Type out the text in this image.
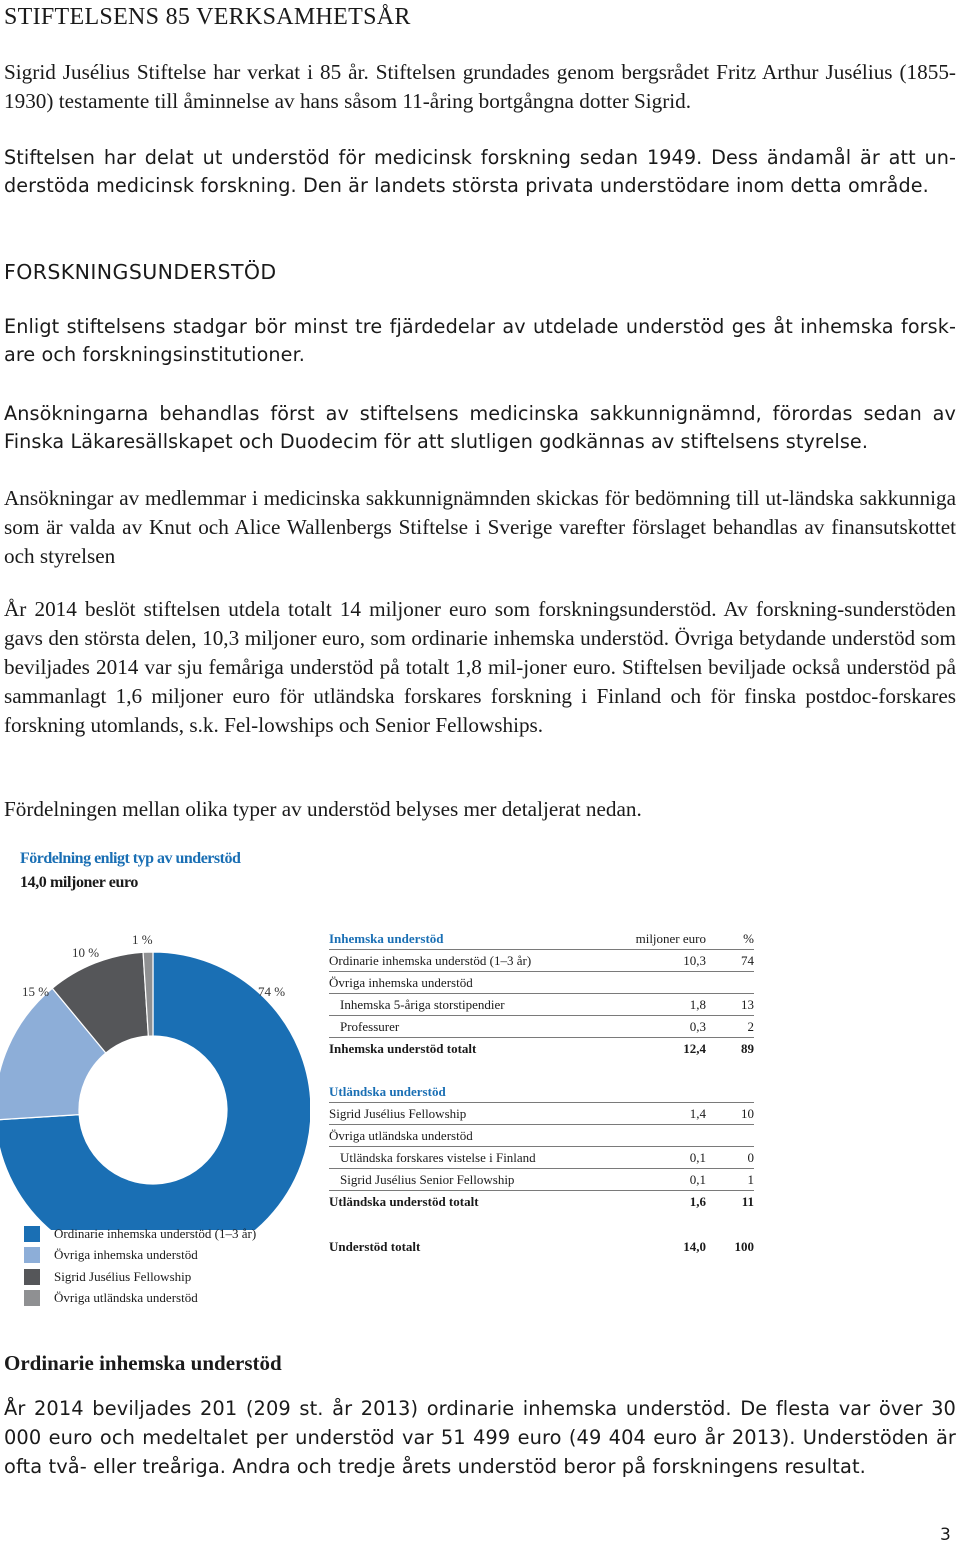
STIFTELSENS 85 VERKSAMHETSÅR

Sigrid Jusélius Stiftelse har verkat i 85 år. Stiftelsen grundades genom bergsrådet Fritz Arthur Jusélius (1855-1930) testamente till åminnelse av hans såsom 11-åring bortgångna dotter Sigrid.

Stiftelsen har delat ut understöd för medicinsk forskning sedan 1949. Dess ändamål är att un-derstöda medicinsk forskning. Den är landets största privata understödare inom detta område.

FORSKNINGSUNDERSTÖD

Enligt stiftelsens stadgar bör minst tre fjärdedelar av utdelade understöd ges åt inhemska forsk-are och forskningsinstitutioner.

Ansökningarna behandlas först av stiftelsens medicinska sakkunnignämnd, förordas sedan av Finska Läkaresällskapet och Duodecim för att slutligen godkännas av stiftelsens styrelse.

Ansökningar av medlemmar i medicinska sakkunnignämnden skickas för bedömning till ut-ländska sakkunniga som är valda av Knut och Alice Wallenbergs Stiftelse i Sverige varefter förslaget behandlas av finansutskottet och styrelsen

År 2014 beslöt stiftelsen utdela totalt 14 miljoner euro som forskningsunderstöd. Av forskning-sunderstöden gavs den största delen, 10,3 miljoner euro, som ordinarie inhemska understöd. Övriga betydande understöd som beviljades 2014 var sju femåriga understöd på totalt 1,8 mil-joner euro. Stiftelsen beviljade också understöd på sammanlagt 1,6 miljoner euro för utländska forskares forskning i Finland och för finska postdoc-forskares forskning utomlands, s.k. Fel-lowships och Senior Fellowships.

Fördelningen mellan olika typer av understöd belyses mer detaljerat nedan.

Fördelning enligt typ av understöd
14,0 miljoner euro
74 %
15 %
10 %
1 %
Ordinarie inhemska understöd (1–3 år)
Övriga inhemska understöd
Sigrid Jusélius Fellowship
Övriga utländska understöd
Inhemska understöd	miljoner euro	%
Ordinarie inhemska understöd (1–3 år)	10,3	74
Övriga inhemska understöd		
Inhemska 5-åriga storstipendier	1,8	13
Professurer	0,3	2
Inhemska understöd totalt	12,4	89
Utländska understöd		
Sigrid Jusélius Fellowship	1,4	10
Övriga utländska understöd		
Utländska forskares vistelse i Finland	0,1	0
Sigrid Jusélius Senior Fellowship	0,1	1
Utländska understöd totalt	1,6	11
Understöd totalt	14,0	100
Ordinarie inhemska understöd

År 2014 beviljades 201 (209 st. år 2013) ordinarie inhemska understöd. De flesta var över 30 000 euro och medeltalet per understöd var 51 499 euro (49 404 euro år 2013). Understöden är ofta två- eller treåriga. Andra och tredje årets understöd beror på forskningens resultat.

3
